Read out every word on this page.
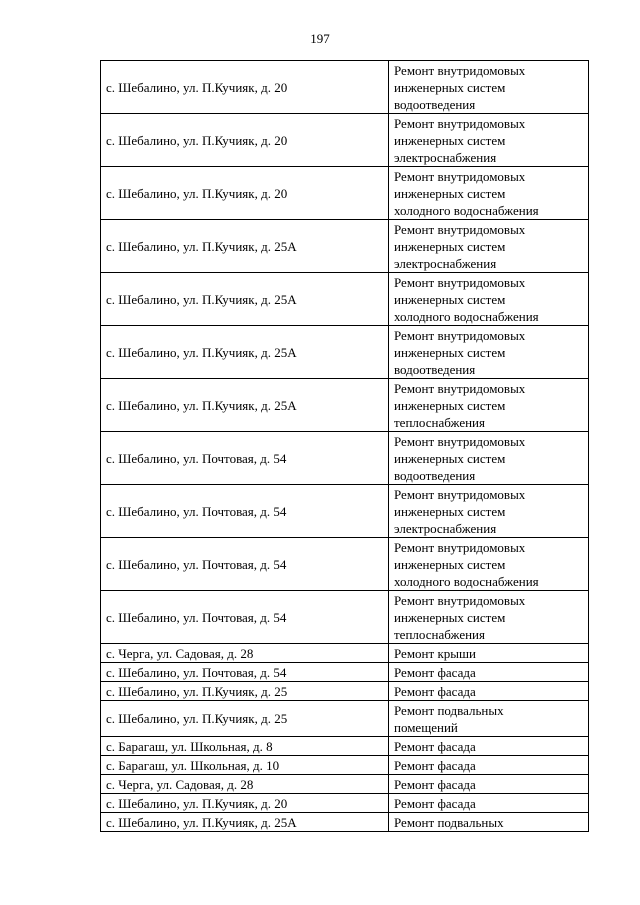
197
с. Шебалино, ул. П.Кучияк, д. 20	Ремонт внутридомовых
инженерных систем
водоотведения

с. Шебалино, ул. П.Кучияк, д. 20	Ремонт внутридомовых
инженерных систем
электроснабжения

с. Шебалино, ул. П.Кучияк, д. 20	Ремонт внутридомовых
инженерных систем
холодного водоснабжения

с. Шебалино, ул. П.Кучияк, д. 25А	Ремонт внутридомовых
инженерных систем
электроснабжения

с. Шебалино, ул. П.Кучияк, д. 25А	Ремонт внутридомовых
инженерных систем
холодного водоснабжения

с. Шебалино, ул. П.Кучияк, д. 25А	Ремонт внутридомовых
инженерных систем
водоотведения

с. Шебалино, ул. П.Кучияк, д. 25А	Ремонт внутридомовых
инженерных систем
теплоснабжения

с. Шебалино, ул. Почтовая, д. 54	Ремонт внутридомовых
инженерных систем
водоотведения

с. Шебалино, ул. Почтовая, д. 54	Ремонт внутридомовых
инженерных систем
электроснабжения

с. Шебалино, ул. Почтовая, д. 54	Ремонт внутридомовых
инженерных систем
холодного водоснабжения

с. Шебалино, ул. Почтовая, д. 54	Ремонт внутридомовых
инженерных систем
теплоснабжения

с. Черга, ул. Садовая, д. 28	Ремонт крыши

с. Шебалино, ул. Почтовая, д. 54	Ремонт фасада

с. Шебалино, ул. П.Кучияк, д. 25	Ремонт фасада

с. Шебалино, ул. П.Кучияк, д. 25	Ремонт подвальных
помещений

с. Барагаш, ул. Школьная, д. 8	Ремонт фасада

с. Барагаш, ул. Школьная, д. 10	Ремонт фасада

с. Черга, ул. Садовая, д. 28	Ремонт фасада

с. Шебалино, ул. П.Кучияк, д. 20	Ремонт фасада

с. Шебалино, ул. П.Кучияк, д. 25А	Ремонт подвальных
